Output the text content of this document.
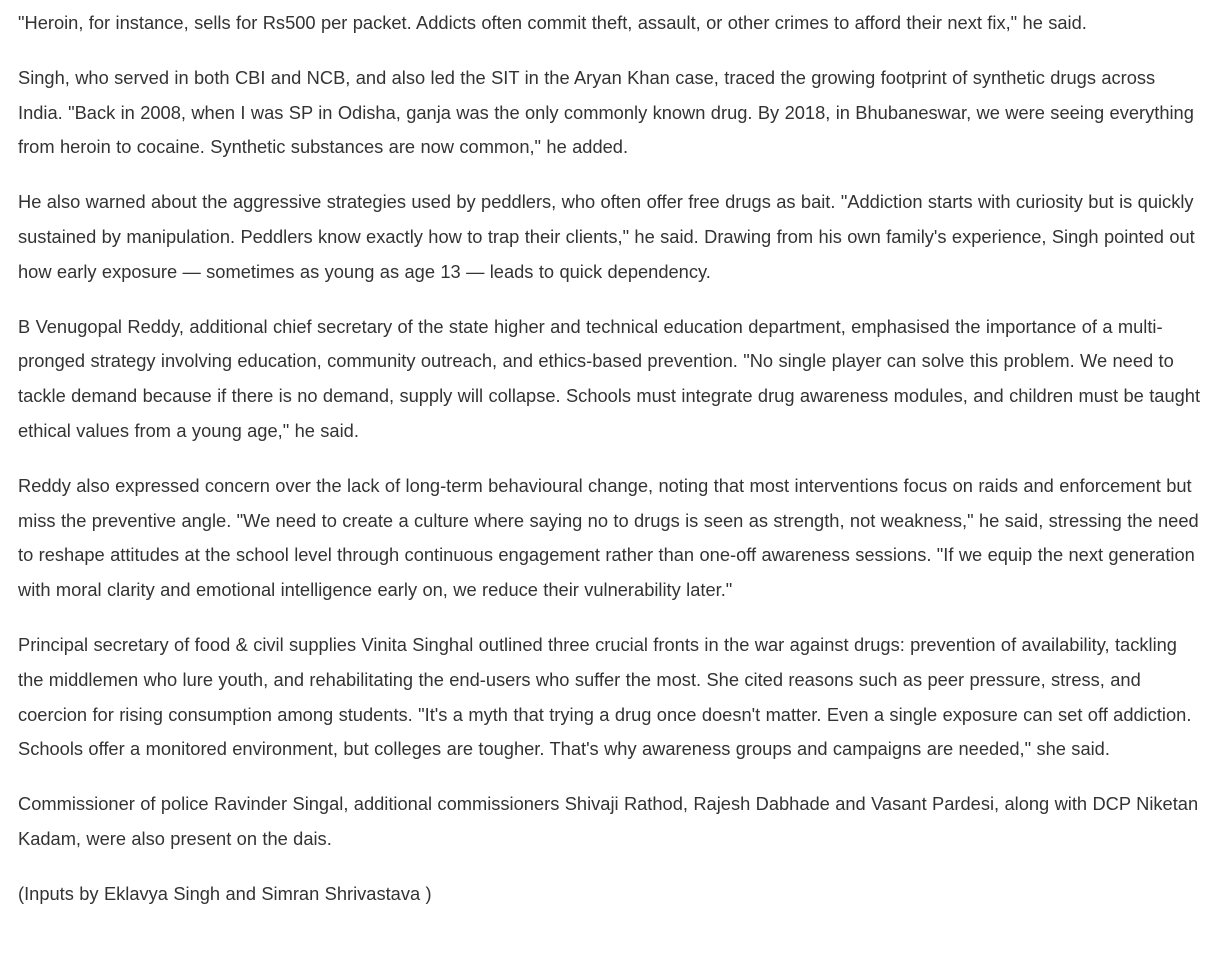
"Heroin, for instance, sells for Rs500 per packet. Addicts often commit theft, assault, or other crimes to afford their next fix," he said.

Singh, who served in both CBI and NCB, and also led the SIT in the Aryan Khan case, traced the growing footprint of synthetic drugs across India. "Back in 2008, when I was SP in Odisha, ganja was the only commonly known drug. By 2018, in Bhubaneswar, we were seeing everything from heroin to cocaine. Synthetic substances are now common," he added.

He also warned about the aggressive strategies used by peddlers, who often offer free drugs as bait. "Addiction starts with curiosity but is quickly sustained by manipulation. Peddlers know exactly how to trap their clients," he said. Drawing from his own family's experience, Singh pointed out how early exposure — sometimes as young as age 13 — leads to quick dependency.

B Venugopal Reddy, additional chief secretary of the state higher and technical education department, emphasised the importance of a multi-pronged strategy involving education, community outreach, and ethics-based prevention. "No single player can solve this problem. We need to tackle demand because if there is no demand, supply will collapse. Schools must integrate drug awareness modules, and children must be taught ethical values from a young age," he said.

Reddy also expressed concern over the lack of long-term behavioural change, noting that most interventions focus on raids and enforcement but miss the preventive angle. "We need to create a culture where saying no to drugs is seen as strength, not weakness," he said, stressing the need to reshape attitudes at the school level through continuous engagement rather than one-off awareness sessions. "If we equip the next generation with moral clarity and emotional intelligence early on, we reduce their vulnerability later."

Principal secretary of food & civil supplies Vinita Singhal outlined three crucial fronts in the war against drugs: prevention of availability, tackling the middlemen who lure youth, and rehabilitating the end-users who suffer the most. She cited reasons such as peer pressure, stress, and coercion for rising consumption among students. "It's a myth that trying a drug once doesn't matter. Even a single exposure can set off addiction. Schools offer a monitored environment, but colleges are tougher. That's why awareness groups and campaigns are needed," she said.

Commissioner of police Ravinder Singal, additional commissioners Shivaji Rathod, Rajesh Dabhade and Vasant Pardesi, along with DCP Niketan Kadam, were also present on the dais.

(Inputs by Eklavya Singh and Simran Shrivastava )
